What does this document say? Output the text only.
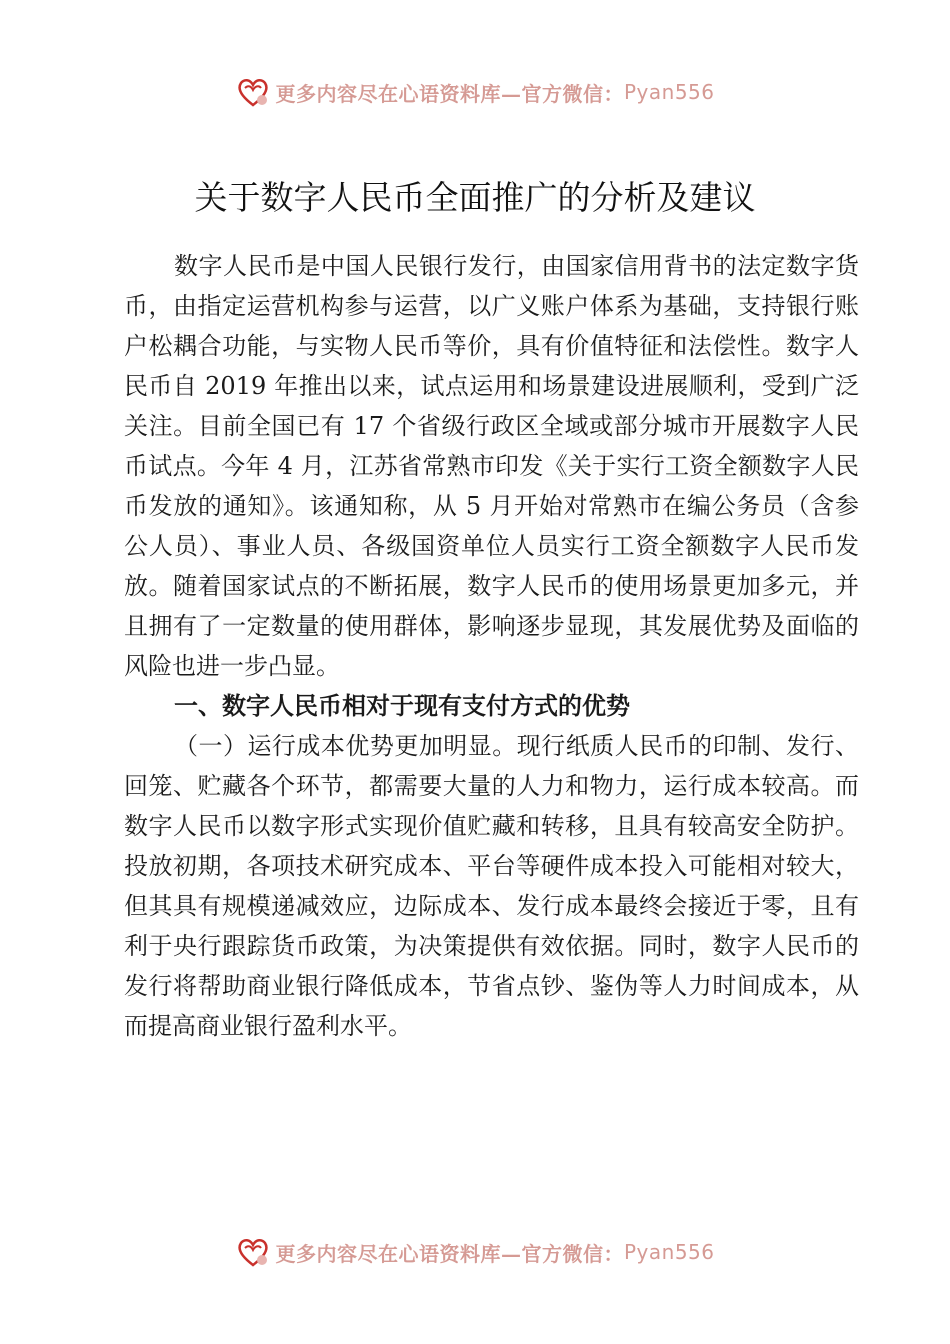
更多内容尽在心语资料库—官方微信： Pyan556
关于数字人民币全面推广的分析及建议

数字人民币是中国人民银行发行，由国家信用背书的法定数字货币，由指定运营机构参与运营，以广义账户体系为基础，支持银行账户松耦合功能，与实物人民币等价，具有价值特征和法偿性。数字人民币自 2019 年推出以来，试点运用和场景建设进展顺利，受到广泛关注。目前全国已有 17 个省级行政区全域或部分城市开展数字人民币试点。今年 4 月，江苏省常熟市印发《关于实行工资全额数字人民币发放的通知》。该通知称，从 5 月开始对常熟市在编公务员（含参公人员）、事业人员、各级国资单位人员实行工资全额数字人民币发放。随着国家试点的不断拓展，数字人民币的使用场景更加多元，并且拥有了一定数量的使用群体，影响逐步显现，其发展优势及面临的风险也进一步凸显。

一、数字人民币相对于现有支付方式的优势

（一）运行成本优势更加明显。现行纸质人民币的印制、发行、回笼、贮藏各个环节，都需要大量的人力和物力，运行成本较高。而数字人民币以数字形式实现价值贮藏和转移，且具有较高安全防护。投放初期，各项技术研究成本、平台等硬件成本投入可能相对较大，但其具有规模递减效应，边际成本、发行成本最终会接近于零，且有利于央行跟踪货币政策，为决策提供有效依据。同时，数字人民币的发行将帮助商业银行降低成本，节省点钞、鉴伪等人力时间成本，从而提高商业银行盈利水平。

更多内容尽在心语资料库—官方微信： Pyan556
